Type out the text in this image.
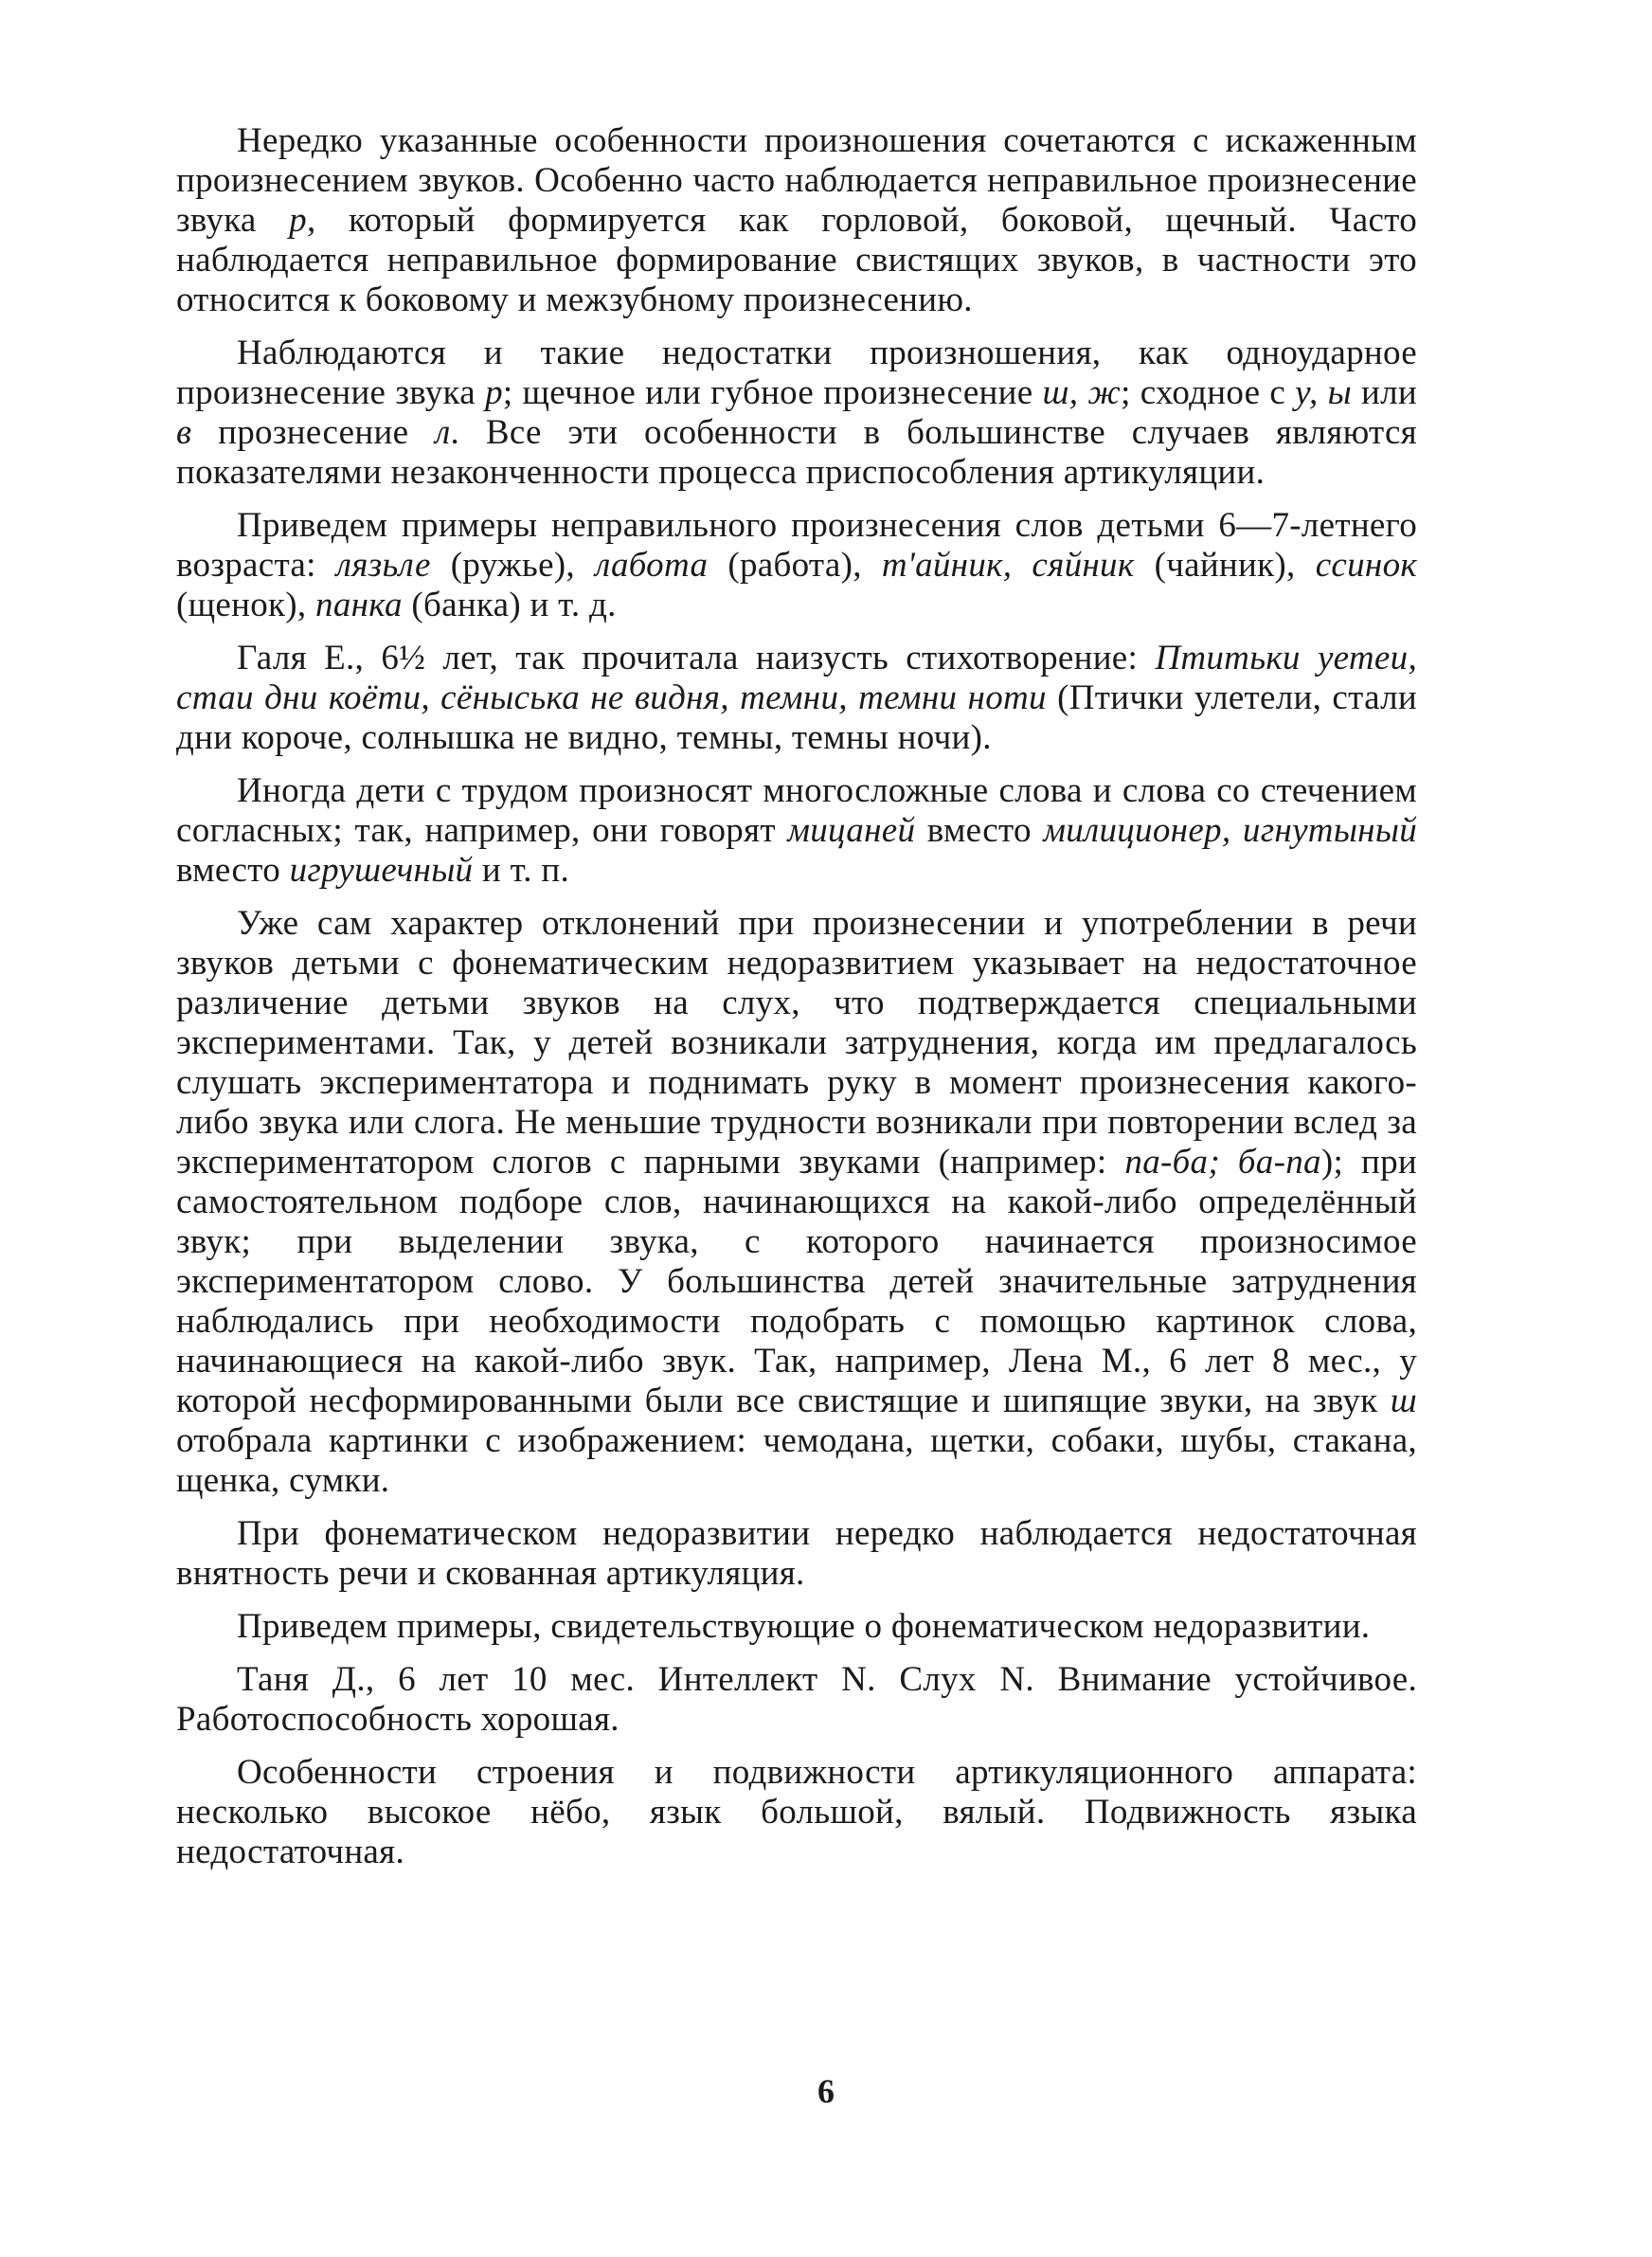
Нередко указанные особенности произношения сочетаются с искаженным произнесением звуков. Особенно часто наблюдается неправильное произнесение звука р, который формируется как горловой, боковой, щечный. Часто наблюдается неправильное формирование свистящих звуков, в частности это относится к боковому и межзубному произнесению.

Наблюдаются и такие недостатки произношения, как одноударное произнесение звука р; щечное или губное произнесение ш, ж; сходное с у, ы или в прознесение л. Все эти особенности в большинстве случаев являются показателями незаконченности процесса приспособления артикуляции.

Приведем примеры неправильного произнесения слов детьми 6—7-летнего возраста: лязьле (ружье), лабота (работа), т'айник, сяйник (чайник), ссинок (щенок), панка (банка) и т. д.

Галя Е., 6½ лет, так прочитала наизусть стихотворение: Птитьки уетеи, стаи дни коёти, сёныська не видня, темни, темни ноти (Птички улетели, стали дни короче, солнышка не видно, темны, темны ночи).

Иногда дети с трудом произносят многосложные слова и слова со стечением согласных; так, например, они говорят мицаней вместо милиционер, игнутыный вместо игрушечный и т. п.

Уже сам характер отклонений при произнесении и употреблении в речи звуков детьми с фонематическим недоразвитием указывает на недостаточное различение детьми звуков на слух, что подтверждается специальными экспериментами. Так, у детей возникали затруднения, когда им предлагалось слушать экспериментатора и поднимать руку в момент произнесения какого-либо звука или слога. Не меньшие трудности возникали при повторении вслед за экспериментатором слогов с парными звуками (например: па-ба; ба-па); при самостоятельном подборе слов, начинающихся на какой-либо определённый звук; при выделении звука, с которого начинается произносимое экспериментатором слово. У большинства детей значительные затруднения наблюдались при необходимости подобрать с помощью картинок слова, начинающиеся на какой-либо звук. Так, например, Лена М., 6 лет 8 мес., у которой несформированными были все свистящие и шипящие звуки, на звук ш отобрала картинки с изображением: чемодана, щетки, собаки, шубы, стакана, щенка, сумки.

При фонематическом недоразвитии нередко наблюдается недостаточная внятность речи и скованная артикуляция.

Приведем примеры, свидетельствующие о фонематическом недоразвитии.

Таня Д., 6 лет 10 мес. Интеллект N. Слух N. Внимание устойчивое. Работоспособность хорошая.

Особенности строения и подвижности артикуляционного аппарата: несколько высокое нёбо, язык большой, вялый. Подвижность языка недостаточная.

6
